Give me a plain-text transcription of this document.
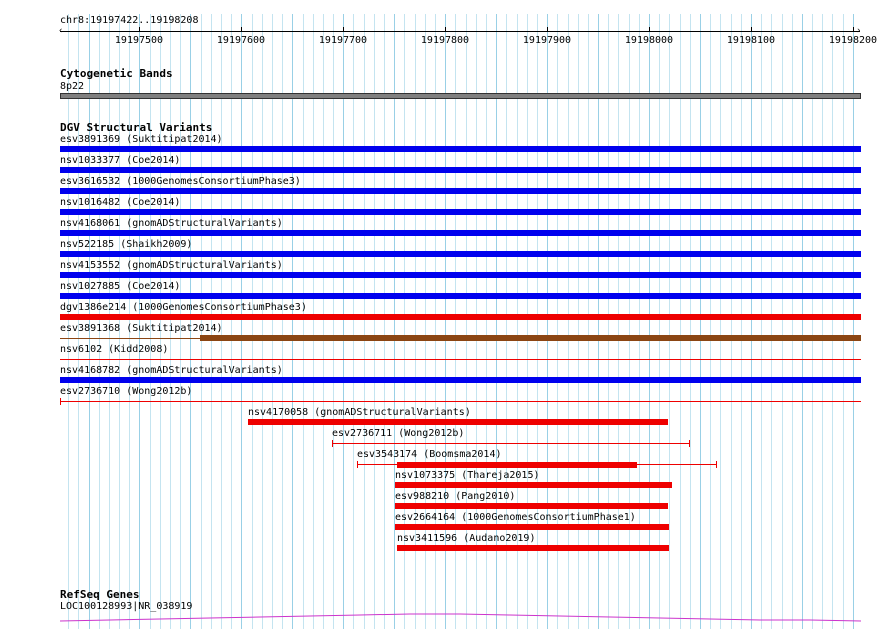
chr8:19197422..19198208
‹	›
19197500	19197600	19197700	19197800	19197900	19198000	19198100	19198200
Cytogenetic Bands
8p22
DGV Structural Variants
esv3891369 (Suktitipat2014)
nsv1033377 (Coe2014)
esv3616532 (1000GenomesConsortiumPhase3)
nsv1016482 (Coe2014)
nsv4168061 (gnomADStructuralVariants)
nsv522185 (Shaikh2009)
nsv4153552 (gnomADStructuralVariants)
nsv1027885 (Coe2014)
dgv1386e214 (1000GenomesConsortiumPhase3)
esv3891368 (Suktitipat2014)
nsv6102 (Kidd2008)
nsv4168782 (gnomADStructuralVariants)
esv2736710 (Wong2012b)
nsv4170058 (gnomADStructuralVariants)
esv2736711 (Wong2012b)
esv3543174 (Boomsma2014)
nsv1073375 (Thareja2015)
esv988210 (Pang2010)
esv2664164 (1000GenomesConsortiumPhase1)
nsv3411596 (Audano2019)
RefSeq Genes
LOC100128993|NR_038919
